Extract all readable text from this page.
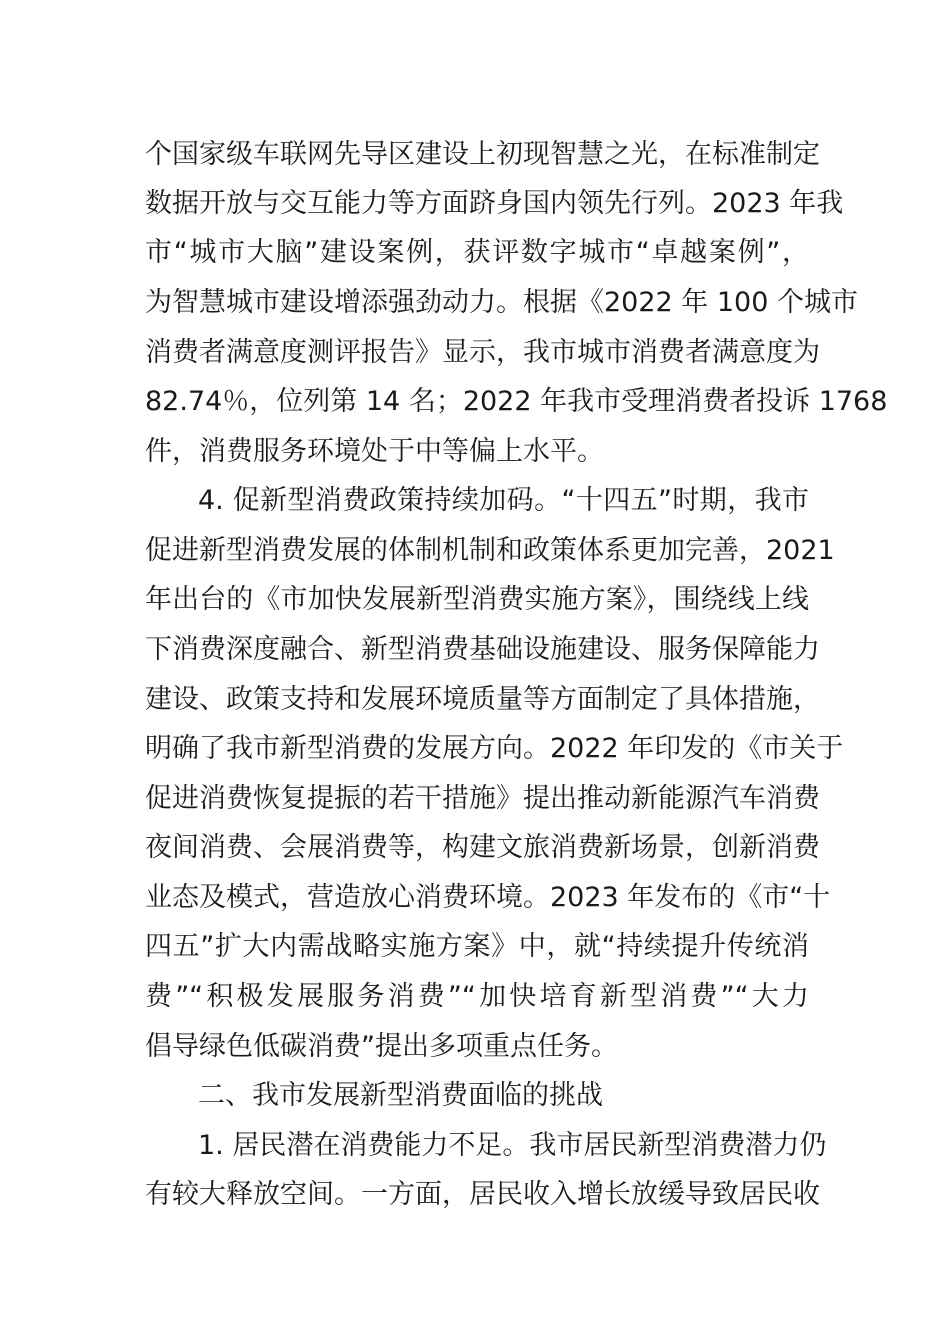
个国家级车联网先导区建设上初现智慧之光，在标准制定
数据开放与交互能力等方面跻身国内领先行列。2023 年我
市“城市大脑”建设案例，获评数字城市“卓越案例”，
为智慧城市建设增添强劲动力。根据《2022 年 100 个城市
消费者满意度测评报告》显示，我市城市消费者满意度为
82.74％，位列第 14 名；2022 年我市受理消费者投诉 1768
件，消费服务环境处于中等偏上水平。
4. 促新型消费政策持续加码。“十四五”时期，我市
促进新型消费发展的体制机制和政策体系更加完善，2021
年出台的《市加快发展新型消费实施方案》，围绕线上线
下消费深度融合、新型消费基础设施建设、服务保障能力
建设、政策支持和发展环境质量等方面制定了具体措施，
明确了我市新型消费的发展方向。2022 年印发的《市关于
促进消费恢复提振的若干措施》提出推动新能源汽车消费
夜间消费、会展消费等，构建文旅消费新场景，创新消费
业态及模式，营造放心消费环境。2023 年发布的《市“十
四五”扩大内需战略实施方案》中，就“持续提升传统消
费”“积极发展服务消费”“加快培育新型消费”“大力
倡导绿色低碳消费”提出多项重点任务。
二、我市发展新型消费面临的挑战
1. 居民潜在消费能力不足。我市居民新型消费潜力仍
有较大释放空间。一方面，居民收入增长放缓导致居民收
